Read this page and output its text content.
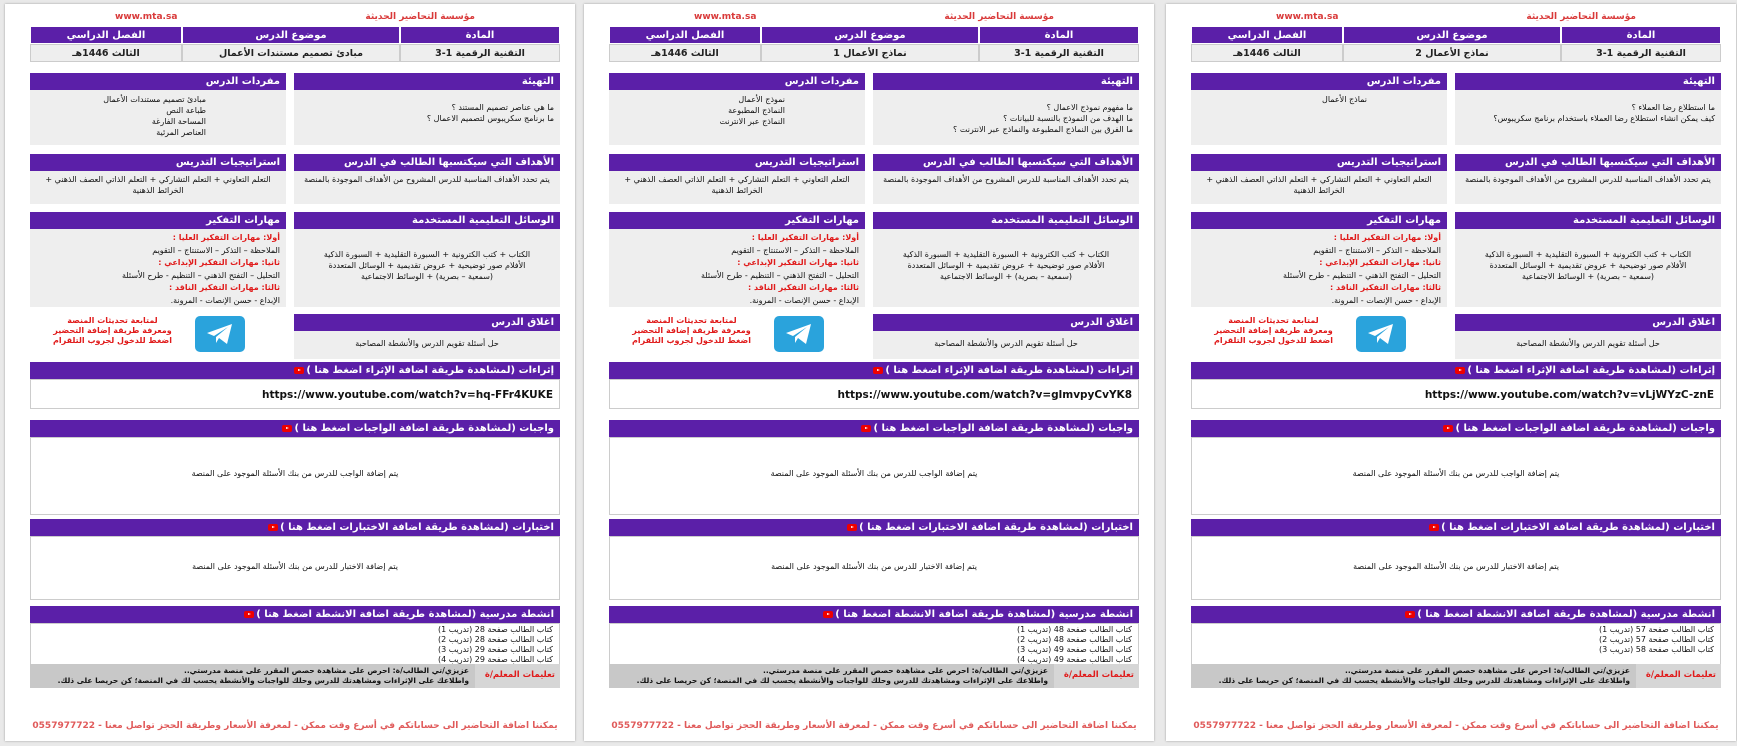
مؤسسة التحاضير الحديثة
www.mta.sa
المادة
موضوع الدرس
الفصل الدراسي
التقنية الرقمية 1-3
مبادئ تصميم مستندات الأعمال
الثالث 1446هـ
التهيئة
ما هي عناصر تصميم المستند ؟
ما برنامج سكريبوس لتصميم الاعمال ؟
مفردات الدرس
مبادئ تصميم مستندات الأعمال
طباعة النص
المساحة الفارغة
العناصر المرئية
الأهداف التي سيكتسبها الطالب في الدرس
يتم تحدد الأهداف المناسبة للدرس المشروح من الأهداف الموجودة بالمنصة
استراتيجيات التدريس
التعلم التعاوني + التعلم التشاركي + التعلم الذاتي العصف الذهني + الخرائط الذهنية
الوسائل التعليمية المستخدمة
الكتاب + كتب الكترونية + السبورة التقليدية + السبورة الذكية
الأفلام صور توضيحية + عروض تقديمية + الوسائل المتعددة
(سمعية – بصرية) + الوسائط الاجتماعية
مهارات التفكير
أولا: مهارات التفكير العليا :
الملاحظة – التذكر – الاستنتاج – التقويم
ثانيا: مهارات التفكير الإبداعي :
التحليل – التفتح الذهني – التنظيم - طرح الأسئلة
ثالثا: مهارات التفكير الناقد :
الإبداع - حسن الإنصات - المرونة.
اغلاق الدرس
حل أسئلة تقويم الدرس والأنشطة المصاحبة
لمتابعة تحديثات المنصة
ومعرفة طريقة إضافة التحضير
اضغط للدخول لجروب التلقرام
إثراءات (لمشاهدة طريقة اضافة الإثراء اضغط هنا )
https://www.youtube.com/watch?v=hq-FFr4KUKE
واجبات (لمشاهدة طريقة اضافة الواجبات اضغط هنا )
يتم إضافة الواجب للدرس من بنك الأسئلة الموجود على المنصة
اختبارات (لمشاهدة طريقة اضافة الاختبارات اضغط هنا )
يتم إضافة الاختبار للدرس من بنك الأسئلة الموجود على المنصة
انشطة مدرسية (لمشاهدة طريقة اضافة الانشطة اضغط هنا )
كتاب الطالب صفحة 28 (تدريب 1)
كتاب الطالب صفحة 28 (تدريب 2)
كتاب الطالب صفحة 29 (تدريب 3)
كتاب الطالب صفحة 29 (تدريب 4)
تعليمات المعلم/ة
عزيزي/تي الطالب/ة: احرص على مشاهدة حصص المقرر على منصة مدرستي..
واطلاعك على الإثراءات ومشاهدتك للدرس وحلك للواجبات والأنشطة يحسب لك في المنصة؛ كن حريصا على ذلك.
يمكننا اضافة التحاضير الى حساباتكم في أسرع وقت ممكن - لمعرفة الأسعار وطريقة الحجز تواصل معنا - 0557977722
مؤسسة التحاضير الحديثة
www.mta.sa
المادة
موضوع الدرس
الفصل الدراسي
التقنية الرقمية 1-3
نماذج الأعمال 1
الثالث 1446هـ
التهيئة
ما مفهوم نموذج الاعمال ؟
ما الهدف من النموذج بالنسبة للبيانات ؟
ما الفرق بين النماذج المطبوعة والنماذج عبر الانترنت ؟
مفردات الدرس
نموذج الأعمال
النماذج المطبوعة
النماذج عبر الانترنت
الأهداف التي سيكتسبها الطالب في الدرس
يتم تحدد الأهداف المناسبة للدرس المشروح من الأهداف الموجودة بالمنصة
استراتيجيات التدريس
التعلم التعاوني + التعلم التشاركي + التعلم الذاتي العصف الذهني + الخرائط الذهنية
الوسائل التعليمية المستخدمة
الكتاب + كتب الكترونية + السبورة التقليدية + السبورة الذكية
الأفلام صور توضيحية + عروض تقديمية + الوسائل المتعددة
(سمعية – بصرية) + الوسائط الاجتماعية
مهارات التفكير
أولا: مهارات التفكير العليا :
الملاحظة – التذكر – الاستنتاج – التقويم
ثانيا: مهارات التفكير الإبداعي :
التحليل – التفتح الذهني – التنظيم - طرح الأسئلة
ثالثا: مهارات التفكير الناقد :
الإبداع - حسن الإنصات - المرونة.
اغلاق الدرس
حل أسئلة تقويم الدرس والأنشطة المصاحبة
لمتابعة تحديثات المنصة
ومعرفة طريقة إضافة التحضير
اضغط للدخول لجروب التلقرام
إثراءات (لمشاهدة طريقة اضافة الإثراء اضغط هنا )
https://www.youtube.com/watch?v=glmvpyCvYK8
واجبات (لمشاهدة طريقة اضافة الواجبات اضغط هنا )
يتم إضافة الواجب للدرس من بنك الأسئلة الموجود على المنصة
اختبارات (لمشاهدة طريقة اضافة الاختبارات اضغط هنا )
يتم إضافة الاختبار للدرس من بنك الأسئلة الموجود على المنصة
انشطة مدرسية (لمشاهدة طريقة اضافة الانشطة اضغط هنا )
كتاب الطالب صفحة 48 (تدريب 1)
كتاب الطالب صفحة 48 (تدريب 2)
كتاب الطالب صفحة 49 (تدريب 3)
كتاب الطالب صفحة 49 (تدريب 4)
تعليمات المعلم/ة
عزيزي/تي الطالب/ة: احرص على مشاهدة حصص المقرر على منصة مدرستي..
واطلاعك على الإثراءات ومشاهدتك للدرس وحلك للواجبات والأنشطة يحسب لك في المنصة؛ كن حريصا على ذلك.
يمكننا اضافة التحاضير الى حساباتكم في أسرع وقت ممكن - لمعرفة الأسعار وطريقة الحجز تواصل معنا - 0557977722
مؤسسة التحاضير الحديثة
www.mta.sa
المادة
موضوع الدرس
الفصل الدراسي
التقنية الرقمية 1-3
نماذج الأعمال 2
الثالث 1446هـ
التهيئة
ما استطلاع رضا العملاء ؟
كيف يمكن انشاء استطلاع رضا العملاء باستخدام برنامج سكريبوس؟
مفردات الدرس
نماذج الأعمال
الأهداف التي سيكتسبها الطالب في الدرس
يتم تحدد الأهداف المناسبة للدرس المشروح من الأهداف الموجودة بالمنصة
استراتيجيات التدريس
التعلم التعاوني + التعلم التشاركي + التعلم الذاتي العصف الذهني + الخرائط الذهنية
الوسائل التعليمية المستخدمة
الكتاب + كتب الكترونية + السبورة التقليدية + السبورة الذكية
الأفلام صور توضيحية + عروض تقديمية + الوسائل المتعددة
(سمعية – بصرية) + الوسائط الاجتماعية
مهارات التفكير
أولا: مهارات التفكير العليا :
الملاحظة – التذكر – الاستنتاج – التقويم
ثانيا: مهارات التفكير الإبداعي :
التحليل – التفتح الذهني – التنظيم - طرح الأسئلة
ثالثا: مهارات التفكير الناقد :
الإبداع - حسن الإنصات - المرونة.
اغلاق الدرس
حل أسئلة تقويم الدرس والأنشطة المصاحبة
لمتابعة تحديثات المنصة
ومعرفة طريقة إضافة التحضير
اضغط للدخول لجروب التلقرام
إثراءات (لمشاهدة طريقة اضافة الإثراء اضغط هنا )
https://www.youtube.com/watch?v=vLjWYzC-znE
واجبات (لمشاهدة طريقة اضافة الواجبات اضغط هنا )
يتم إضافة الواجب للدرس من بنك الأسئلة الموجود على المنصة
اختبارات (لمشاهدة طريقة اضافة الاختبارات اضغط هنا )
يتم إضافة الاختبار للدرس من بنك الأسئلة الموجود على المنصة
انشطة مدرسية (لمشاهدة طريقة اضافة الانشطة اضغط هنا )
كتاب الطالب صفحة 57 (تدريب 1)
كتاب الطالب صفحة 57 (تدريب 2)
كتاب الطالب صفحة 58 (تدريب 3)
تعليمات المعلم/ة
عزيزي/تي الطالب/ة: احرص على مشاهدة حصص المقرر على منصة مدرستي..
واطلاعك على الإثراءات ومشاهدتك للدرس وحلك للواجبات والأنشطة يحسب لك في المنصة؛ كن حريصا على ذلك.
يمكننا اضافة التحاضير الى حساباتكم في أسرع وقت ممكن - لمعرفة الأسعار وطريقة الحجز تواصل معنا - 0557977722
